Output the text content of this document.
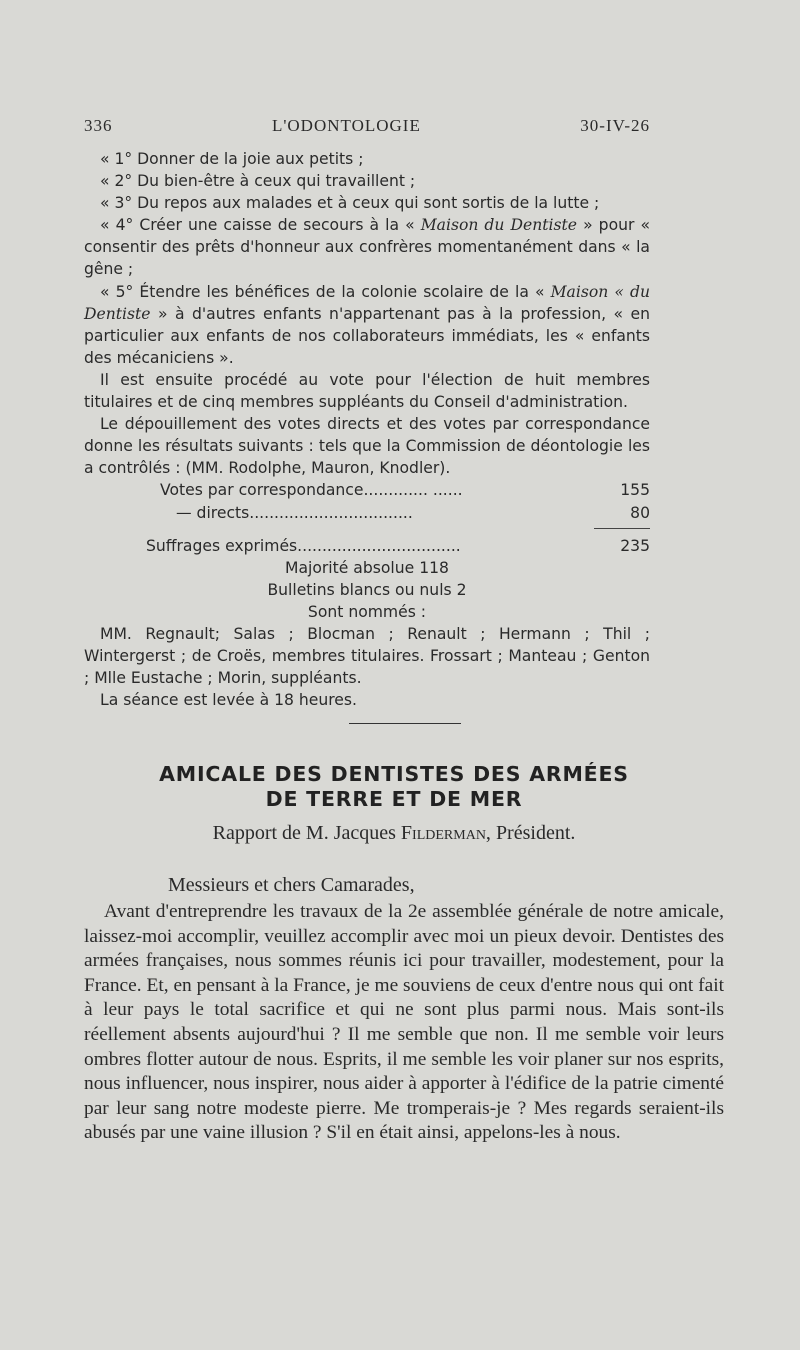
336	L'ODONTOLOGIE	30-IV-26

« 1° Donner de la joie aux petits ;

« 2° Du bien-être à ceux qui travaillent ;

« 3° Du repos aux malades et à ceux qui sont sortis de la lutte ;

« 4° Créer une caisse de secours à la « Maison du Dentiste » pour « consentir des prêts d'honneur aux confrères momentanément dans « la gêne ;

« 5° Étendre les bénéfices de la colonie scolaire de la « Maison « du Dentiste » à d'autres enfants n'appartenant pas à la profession, « en particulier aux enfants de nos collaborateurs immédiats, les « enfants des mécaniciens ».

Il est ensuite procédé au vote pour l'élection de huit membres titulaires et de cinq membres suppléants du Conseil d'administration.

Le dépouillement des votes directs et des votes par correspondance donne les résultats suivants : tels que la Commission de déontologie les a contrôlés : (MM. Rodolphe, Mauron, Knodler).

Votes par correspondance............. ......	155
— directs.................................	80
Suffrages exprimés.................................	235

Majorité absolue 118

Bulletins blancs ou nuls 2

Sont nommés :

MM. Regnault; Salas ; Blocman ; Renault ; Hermann ; Thil ; Wintergerst ; de Croës, membres titulaires. Frossart ; Manteau ; Genton ; Mlle Eustache ; Morin, suppléants.

La séance est levée à 18 heures.

AMICALE DES DENTISTES DES ARMÉES
DE TERRE ET DE MER
Rapport de M. Jacques Filderman, Président.
Messieurs et chers Camarades,

Avant d'entreprendre les travaux de la 2e assemblée générale de notre amicale, laissez-moi accomplir, veuillez accomplir avec moi un pieux devoir. Dentistes des armées françaises, nous sommes réunis ici pour travailler, modestement, pour la France. Et, en pensant à la France, je me souviens de ceux d'entre nous qui ont fait à leur pays le total sacrifice et qui ne sont plus parmi nous. Mais sont-ils réellement absents aujourd'hui ? Il me semble que non. Il me semble voir leurs ombres flotter autour de nous. Esprits, il me semble les voir planer sur nos esprits, nous influencer, nous inspirer, nous aider à apporter à l'édifice de la patrie cimenté par leur sang notre modeste pierre. Me tromperais-je ? Mes regards seraient-ils abusés par une vaine illusion ? S'il en était ainsi, appelons-les à nous.
